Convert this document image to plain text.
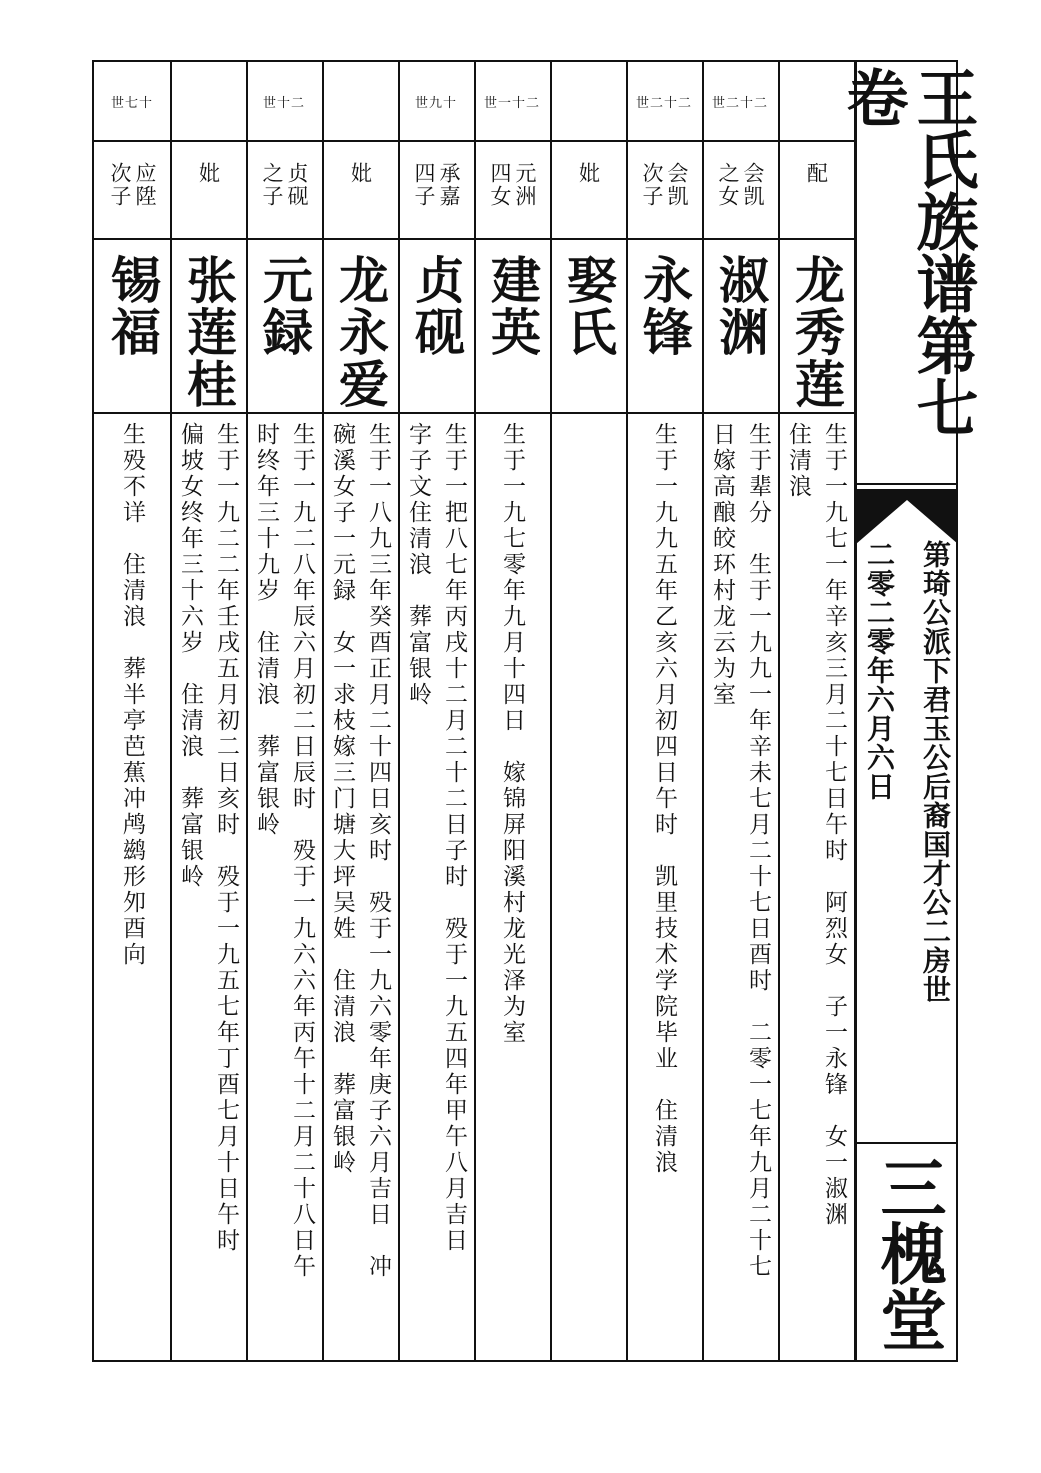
世七十
应陞 次子
锡福
生殁不详　住清浪　葬半亭芭蕉冲鸬鹚形夘酉向
妣
张莲桂
生于一九二二年壬戌五月初二日亥时　殁于一九五七年丁酉七月十日午时
偏坡女终年三十六岁　住清浪　葬富银岭
世十二
贞砚 之子
元録
生于一九二八年辰六月初二日辰时　殁于一九六六年丙午十二月二十八日午
时终年三十九岁　住清浪　葬富银岭
妣
龙永爱
生于一八九三年癸酉正月二十四日亥时　殁于一九六零年庚子六月吉日　冲
碗溪女子一元録　女一求枝嫁三门塘大坪吴姓　住清浪　葬富银岭
世九十
承嘉 四子
贞砚
生于一把八七年丙戌十二月二十二日子时　殁于一九五四年甲午八月吉日
字子文住清浪　葬富银岭
世一十二
元洲 四女
建英
生于一九七零年九月十四日　嫁锦屏阳溪村龙光泽为室
妣
娶氏
世二十二
会凯 次子
永锋
生于一九九五年乙亥六月初四日午时　凯里技术学院毕业　住清浪
世二十二
会凯 之女
淑渊
生于辈分　生于一九九一年辛未七月二十七日酉时　二零一七年九月二十七
日嫁高酿皎环村龙云为室
配
龙秀莲
生于一九七一年辛亥三月二十七日午时　阿烈女　子一永锋　女一淑渊
住清浪
王氏族谱第七卷
第琦公派下君玉公后裔国才公二房世
二零二零年六月六日
三槐堂
